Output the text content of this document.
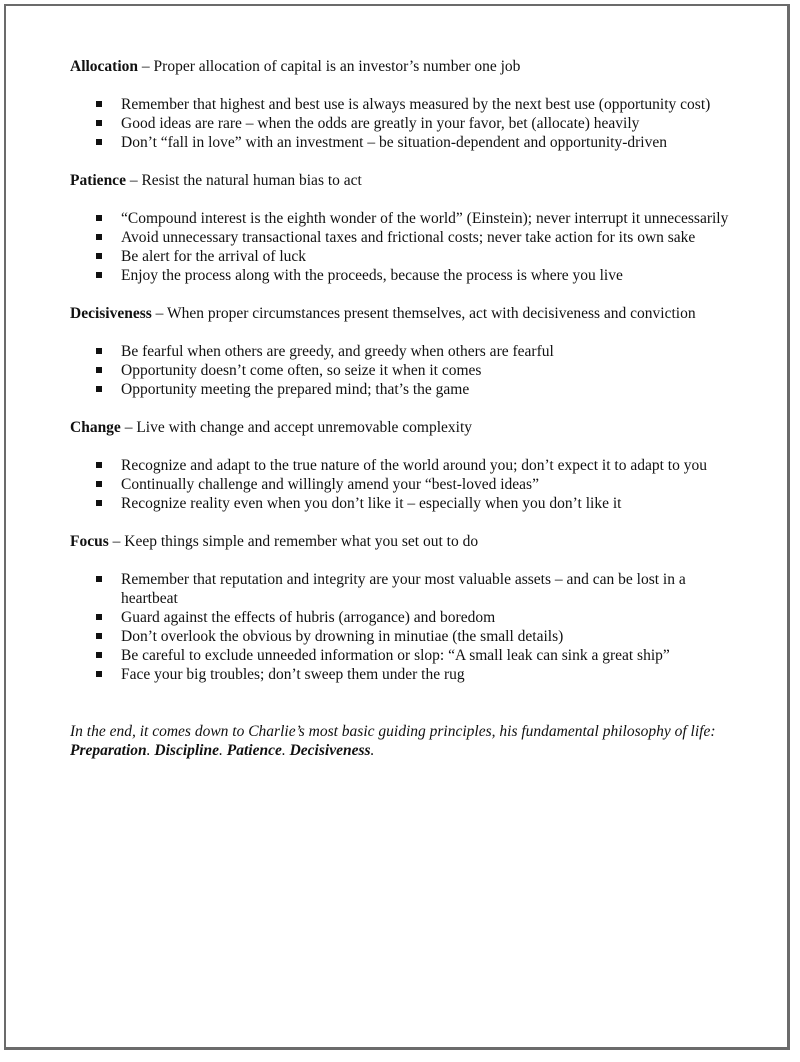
Allocation – Proper allocation of capital is an investor’s number one job
Remember that highest and best use is always measured by the next best use (opportunity cost)
Good ideas are rare – when the odds are greatly in your favor, bet (allocate) heavily
Don’t “fall in love” with an investment – be situation-dependent and opportunity-driven
Patience – Resist the natural human bias to act
“Compound interest is the eighth wonder of the world” (Einstein); never interrupt it unnecessarily
Avoid unnecessary transactional taxes and frictional costs; never take action for its own sake
Be alert for the arrival of luck
Enjoy the process along with the proceeds, because the process is where you live
Decisiveness – When proper circumstances present themselves, act with decisiveness and conviction
Be fearful when others are greedy, and greedy when others are fearful
Opportunity doesn’t come often, so seize it when it comes
Opportunity meeting the prepared mind; that’s the game
Change – Live with change and accept unremovable complexity
Recognize and adapt to the true nature of the world around you; don’t expect it to adapt to you
Continually challenge and willingly amend your “best-loved ideas”
Recognize reality even when you don’t like it – especially when you don’t like it
Focus – Keep things simple and remember what you set out to do
Remember that reputation and integrity are your most valuable assets – and can be lost in a heartbeat
Guard against the effects of hubris (arrogance) and boredom
Don’t overlook the obvious by drowning in minutiae (the small details)
Be careful to exclude unneeded information or slop: “A small leak can sink a great ship”
Face your big troubles; don’t sweep them under the rug
In the end, it comes down to Charlie’s most basic guiding principles, his fundamental philosophy of life: Preparation. Discipline. Patience. Decisiveness.
